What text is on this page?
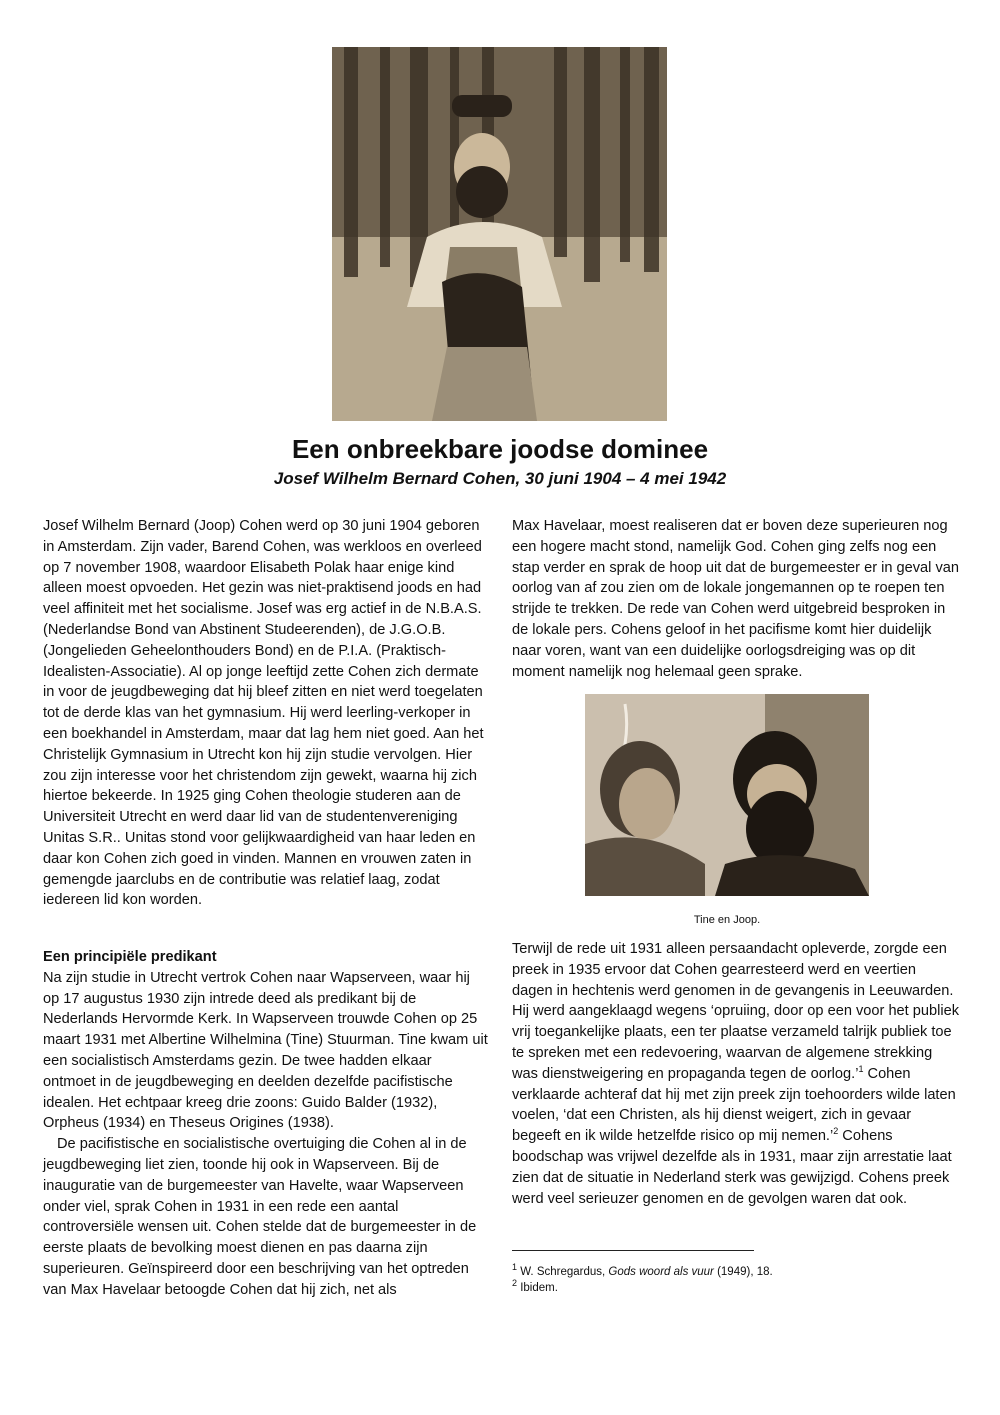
Een onbreekbare joodse dominee

Josef Wilhelm Bernard Cohen, 30 juni 1904 – 4 mei 1942

Josef Wilhelm Bernard (Joop) Cohen werd op 30 juni 1904 geboren in Amsterdam. Zijn vader, Barend Cohen, was werkloos en overleed op 7 november 1908, waardoor Elisabeth Polak haar enige kind alleen moest opvoeden. Het gezin was niet-praktisend joods en had veel affiniteit met het socialisme. Josef was erg actief in de N.B.A.S. (Nederlandse Bond van Abstinent Studeerenden), de J.G.O.B. (Jongelieden Geheelonthouders Bond) en de P.I.A. (Praktisch-Idealisten-Associatie). Al op jonge leeftijd zette Cohen zich dermate in voor de jeugdbeweging dat hij bleef zitten en niet werd toegelaten tot de derde klas van het gymnasium. Hij werd leerling-verkoper in een boekhandel in Amsterdam, maar dat lag hem niet goed. Aan het Christelijk Gymnasium in Utrecht kon hij zijn studie vervolgen. Hier zou zijn interesse voor het christendom zijn gewekt, waarna hij zich hiertoe bekeerde. In 1925 ging Cohen theologie studeren aan de Universiteit Utrecht en werd daar lid van de studentenvereniging Unitas S.R.. Unitas stond voor gelijkwaardigheid van haar leden en daar kon Cohen zich goed in vinden. Mannen en vrouwen zaten in gemengde jaarclubs en de contributie was relatief laag, zodat iedereen lid kon worden.

Een principiële predikant

Na zijn studie in Utrecht vertrok Cohen naar Wapserveen, waar hij op 17 augustus 1930 zijn intrede deed als predikant bij de Nederlands Hervormde Kerk. In Wapserveen trouwde Cohen op 25 maart 1931 met Albertine Wilhelmina (Tine) Stuurman. Tine kwam uit een socialistisch Amsterdams gezin. De twee hadden elkaar ontmoet in de jeugdbeweging en deelden dezelfde pacifistische idealen. Het echtpaar kreeg drie zoons: Guido Balder (1932), Orpheus (1934) en Theseus Origines (1938).

De pacifistische en socialistische overtuiging die Cohen al in de jeugdbeweging liet zien, toonde hij ook in Wapserveen. Bij de inauguratie van de burgemeester van Havelte, waar Wapserveen onder viel, sprak Cohen in 1931 in een rede een aantal controversiële wensen uit. Cohen stelde dat de burgemeester in de eerste plaats de bevolking moest dienen en pas daarna zijn superieuren. Geïnspireerd door een beschrijving van het optreden van Max Havelaar betoogde Cohen dat hij zich, net als

Max Havelaar, moest realiseren dat er boven deze superieuren nog een hogere macht stond, namelijk God. Cohen ging zelfs nog een stap verder en sprak de hoop uit dat de burgemeester er in geval van oorlog van af zou zien om de lokale jongemannen op te roepen ten strijde te trekken. De rede van Cohen werd uitgebreid besproken in de lokale pers. Cohens geloof in het pacifisme komt hier duidelijk naar voren, want van een duidelijke oorlogsdreiging was op dit moment namelijk nog helemaal geen sprake.

Tine en Joop.

Terwijl de rede uit 1931 alleen persaandacht opleverde, zorgde een preek in 1935 ervoor dat Cohen gearresteerd werd en veertien dagen in hechtenis werd genomen in de gevangenis in Leeuwarden. Hij werd aangeklaagd wegens ‘opruiing, door op een voor het publiek vrij toegankelijke plaats, een ter plaatse verzameld talrijk publiek toe te spreken met een redevoering, waarvan de algemene strekking was dienstweigering en propaganda tegen de oorlog.’$^1$ Cohen verklaarde achteraf dat hij met zijn preek zijn toehoorders wilde laten voelen, ‘dat een Christen, als hij dienst weigert, zich in gevaar begeeft en ik wilde hetzelfde risico op mij nemen.’$^2$ Cohens boodschap was vrijwel dezelfde als in 1931, maar zijn arrestatie laat zien dat de situatie in Nederland sterk was gewijzigd. Cohens preek werd veel serieuzer genomen en de gevolgen waren dat ook.

$^1$ W. Schregardus, Gods woord als vuur (1949), 18.

$^2$ Ibidem.
